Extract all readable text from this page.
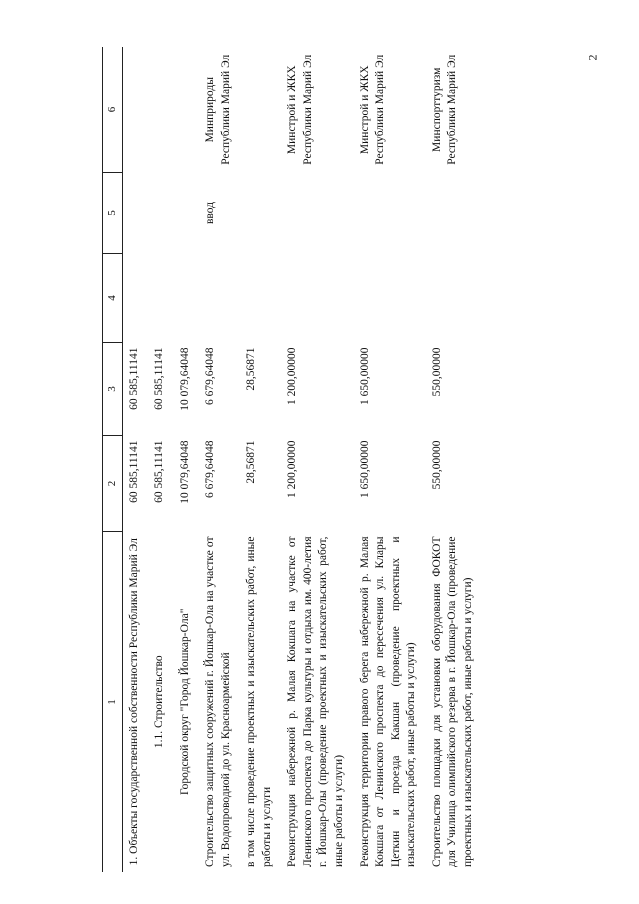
2
1	2	3	4	5	6
1. Объекты государственной собственности Республики Марий Эл	60 585,11141	60 585,11141			
1.1. Строительство	60 585,11141	60 585,11141			
Городской округ "Город Йошкар-Ола"	10 079,64048	10 079,64048			
Строительство защитных сооружений г. Йошкар-Ола на участке от ул. Водопроводной до ул. Красноармейской	6 679,64048	6 679,64048		ввод	Минприроды Республики Марий Эл
в том числе проведение проектных и изыскательских работ, иные работы и услуги	28,56871	28,56871			
Реконструкция набережной р. Малая Кокшага на участке от Ленинского проспекта до Парка культуры и отдыха им. 400-летия г. Йошкар-Олы (проведение проектных и изыскательских работ, иные работы и услуги)	1 200,00000	1 200,00000			Минстрой и ЖКХ Республики Марий Эл
Реконструкция территории правого берега набережной р. Малая Кокшага от Ленинского проспекта до пересечения ул. Клары Цеткин и проезда Какшан (проведение проектных и изыскательских работ, иные работы и услуги)	1 650,00000	1 650,00000			Минстрой и ЖКХ Республики Марий Эл
Строительство площадки для установки оборудования ФОКОТ для Училища олимпийского резерва в г. Йошкар-Ола (проведение проектных и изыскательских работ, иные работы и услуги)	550,00000	550,00000			Минспорттуризм Республики Марий Эл
